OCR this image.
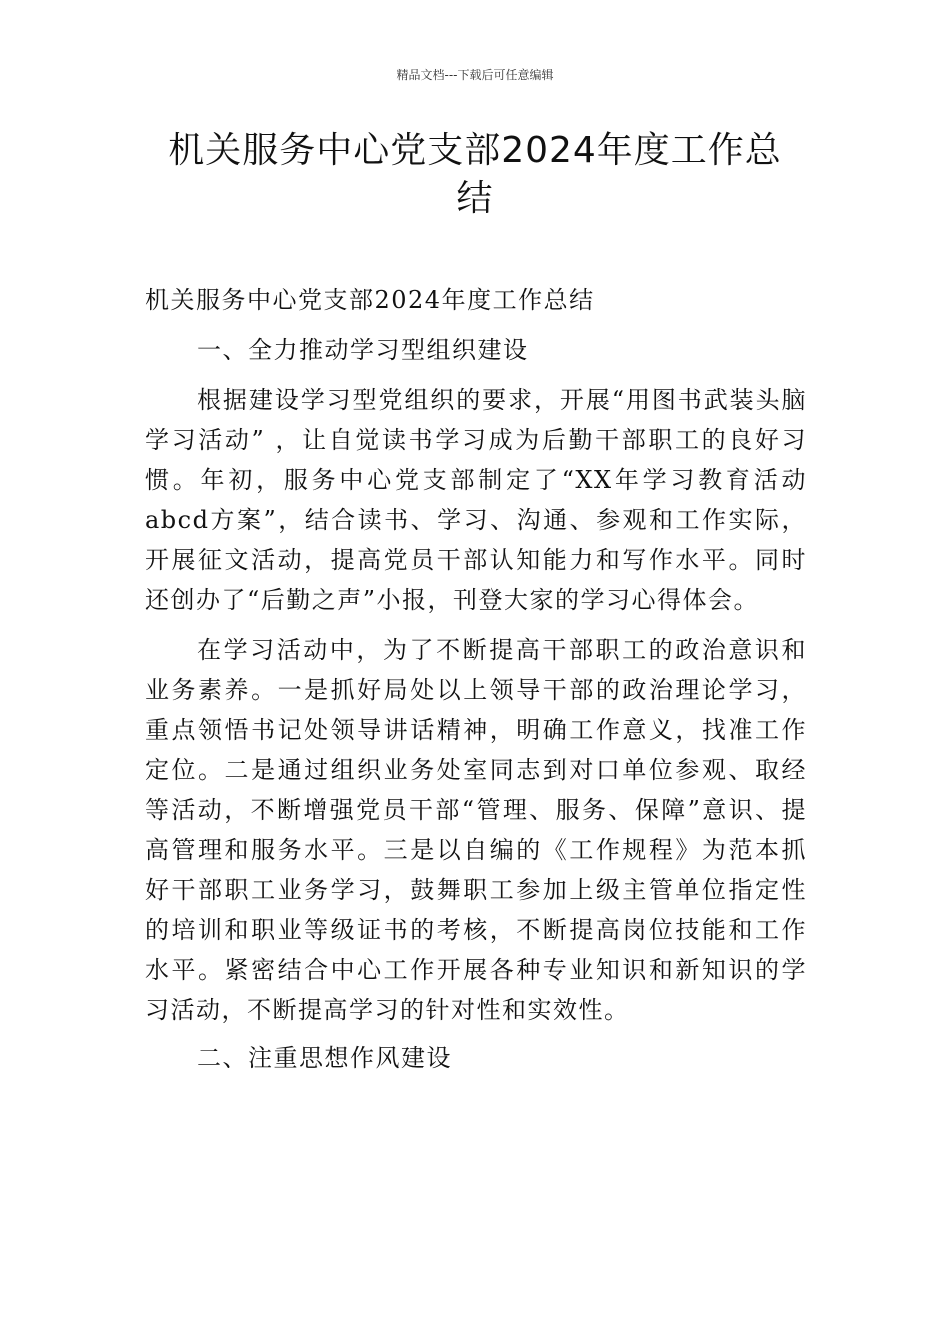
精品文档---下载后可任意编辑
机关服务中心党支部2024年度工作总结

机关服务中心党支部2024年度工作总结

一、全力推动学习型组织建设

根据建设学习型党组织的要求，开展“用图书武装头脑学习活动” ，让自觉读书学习成为后勤干部职工的良好习惯。年初，服务中心党支部制定了“XX年学习教育活动abcd方案”，结合读书、学习、沟通、参观和工作实际，开展征文活动，提高党员干部认知能力和写作水平。同时还创办了“后勤之声”小报，刊登大家的学习心得体会。

在学习活动中，为了不断提高干部职工的政治意识和业务素养。一是抓好局处以上领导干部的政治理论学习，重点领悟书记处领导讲话精神，明确工作意义，找准工作定位。二是通过组织业务处室同志到对口单位参观、取经等活动，不断增强党员干部“管理、服务、保障”意识、提高管理和服务水平。三是以自编的《工作规程》为范本抓好干部职工业务学习，鼓舞职工参加上级主管单位指定性的培训和职业等级证书的考核，不断提高岗位技能和工作水平。紧密结合中心工作开展各种专业知识和新知识的学习活动，不断提高学习的针对性和实效性。

二、注重思想作风建设
